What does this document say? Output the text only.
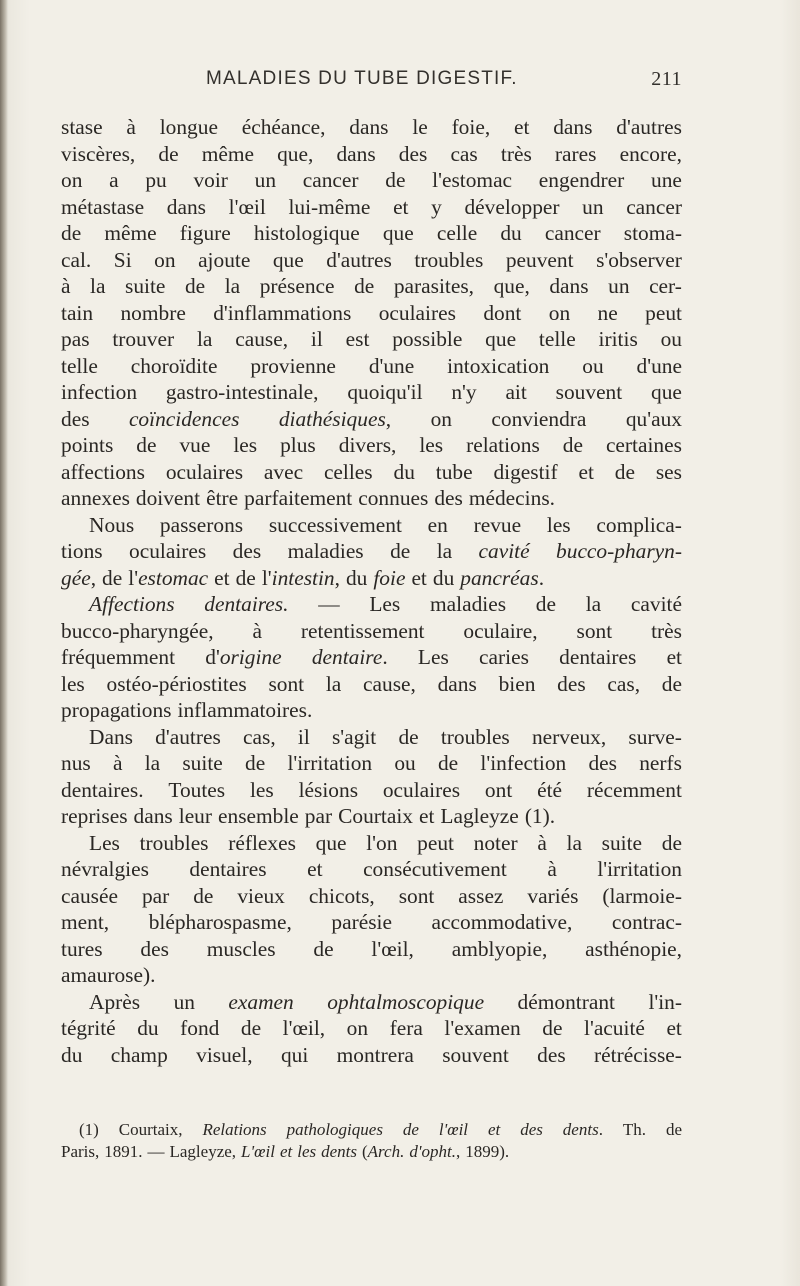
MALADIES DU TUBE DIGESTIF.	211
stase à longue échéance, dans le foie, et dans d'autres
viscères, de même que, dans des cas très rares encore,
on a pu voir un cancer de l'estomac engendrer une
métastase dans l'œil lui-même et y développer un cancer
de même figure histologique que celle du cancer stoma-
cal. Si on ajoute que d'autres troubles peuvent s'observer
à la suite de la présence de parasites, que, dans un cer-
tain nombre d'inflammations oculaires dont on ne peut
pas trouver la cause, il est possible que telle iritis ou
telle choroïdite provienne d'une intoxication ou d'une
infection gastro-intestinale, quoiqu'il n'y ait souvent que
des coïncidences diathésiques, on conviendra qu'aux
points de vue les plus divers, les relations de certaines
affections oculaires avec celles du tube digestif et de ses
annexes doivent être parfaitement connues des médecins.
Nous passerons successivement en revue les complica-
tions oculaires des maladies de la cavité bucco-pharyn-
gée, de l'estomac et de l'intestin, du foie et du pancréas.
Affections dentaires. — Les maladies de la cavité
bucco-pharyngée, à retentissement oculaire, sont très
fréquemment d'origine dentaire. Les caries dentaires et
les ostéo-périostites sont la cause, dans bien des cas, de
propagations inflammatoires.
Dans d'autres cas, il s'agit de troubles nerveux, surve-
nus à la suite de l'irritation ou de l'infection des nerfs
dentaires. Toutes les lésions oculaires ont été récemment
reprises dans leur ensemble par Courtaix et Lagleyze (1).
Les troubles réflexes que l'on peut noter à la suite de
névralgies dentaires et consécutivement à l'irritation
causée par de vieux chicots, sont assez variés (larmoie-
ment, blépharospasme, parésie accommodative, contrac-
tures des muscles de l'œil, amblyopie, asthénopie,
amaurose).
Après un examen ophtalmoscopique démontrant l'in-
tégrité du fond de l'œil, on fera l'examen de l'acuité et
du champ visuel, qui montrera souvent des rétrécisse-
(1) Courtaix, Relations pathologiques de l'œil et des dents. Th. de
Paris, 1891. — Lagleyze, L'œil et les dents (Arch. d'opht., 1899).
